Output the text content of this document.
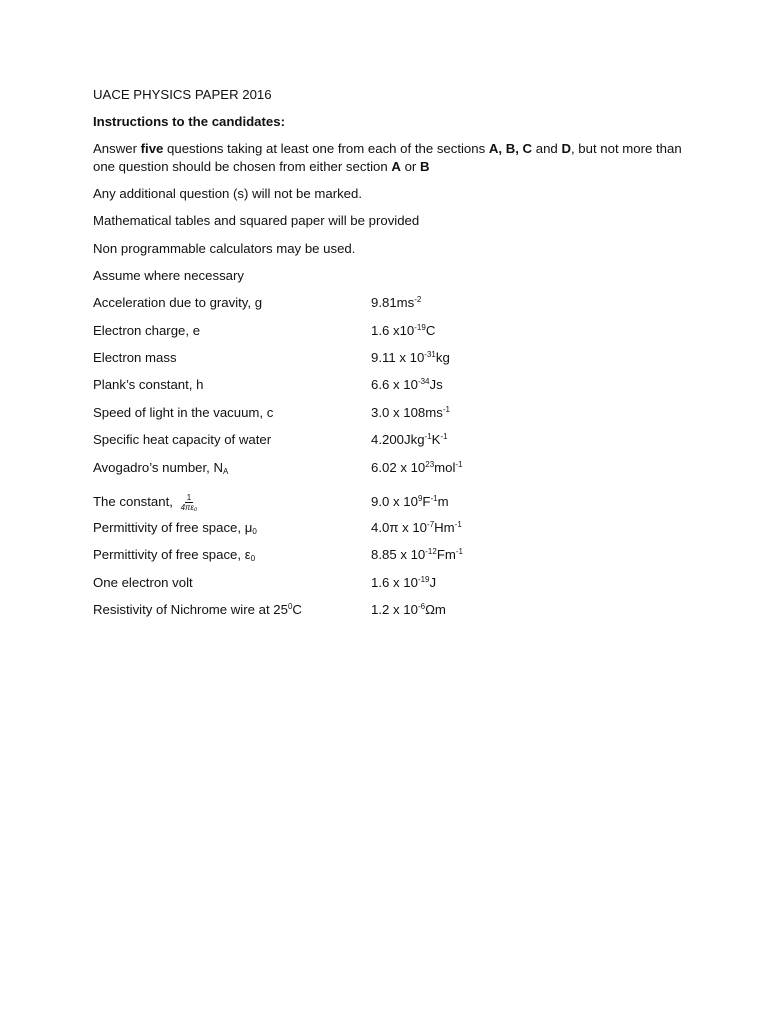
UACE PHYSICS PAPER 2016

Instructions to the candidates:

Answer five questions taking at least one from each of the sections A, B, C and D, but not more than one question should be chosen from either section A or B

Any additional question (s) will not be marked.

Mathematical tables and squared paper will be provided

Non programmable calculators may be used.

Assume where necessary

Acceleration due to gravity, g	$9.81ms^{-2}$
Electron charge, e	1.6 $x10^{-19}C$
Electron mass	9.11 x $10^{-31}kg$
Plank’s constant, h	6.6 x $10^{-34}Js$
Speed of light in the vacuum, c	3.0 x $108ms^{-1}$
Specific heat capacity of water	$4.200Jkg^{-1}K^{-1}$
Avogadro’s number, $N_A$	6.02 x $10^{23}mol^{-1}$
The constant, $\frac{1}{\text{4πε₀}}$	9.0 x $10^9F^{-1}m$
Permittivity of free space, $\mu_0$	4.0π x $10^{-7}Hm^{-1}$
Permittivity of free space, $\varepsilon_0$	8.85 x $10^{-12}Fm^{-1}$
One electron volt	1.6 x $10^{-19}J$
Resistivity of Nichrome wire at $25^0C$	1.2 x $10^{-6}\Omega m$
